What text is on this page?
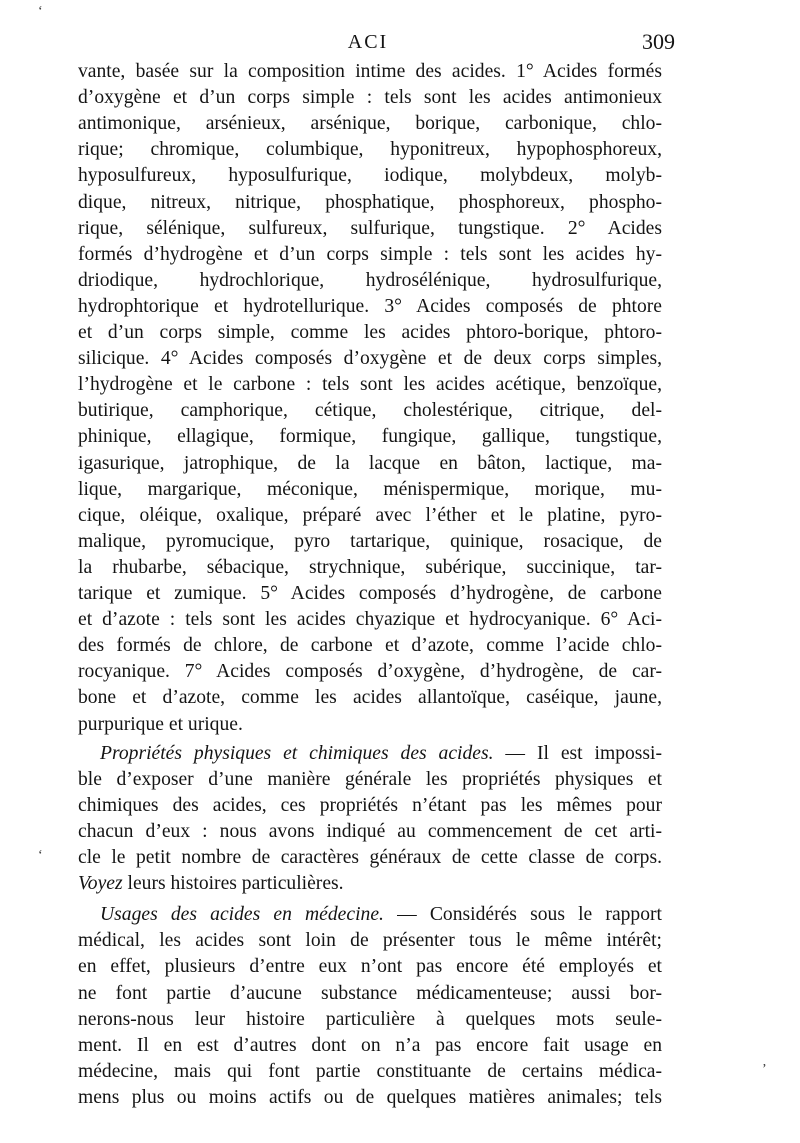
ACI	309
vante, basée sur la composition intime des acides. 1° Acides formés
d’oxygène et d’un corps simple : tels sont les acides antimonieux
antimonique, arsénieux, arsénique, borique, carbonique, chlo-
rique; chromique, columbique, hyponitreux, hypophosphoreux,
hyposulfureux, hyposulfurique, iodique, molybdeux, molyb-
dique, nitreux, nitrique, phosphatique, phosphoreux, phospho-
rique, sélénique, sulfureux, sulfurique, tungstique. 2° Acides
formés d’hydrogène et d’un corps simple : tels sont les acides hy-
driodique, hydrochlorique, hydrosélénique, hydrosulfurique,
hydrophtorique et hydrotellurique. 3° Acides composés de phtore
et d’un corps simple, comme les acides phtoro-borique, phtoro-
silicique. 4° Acides composés d’oxygène et de deux corps simples,
l’hydrogène et le carbone : tels sont les acides acétique, benzoïque,
butirique, camphorique, cétique, cholestérique, citrique, del-
phinique, ellagique, formique, fungique, gallique, tungstique,
igasurique, jatrophique, de la lacque en bâton, lactique, ma-
lique, margarique, méconique, ménispermique, morique, mu-
cique, oléique, oxalique, préparé avec l’éther et le platine, pyro-
malique, pyromucique, pyro tartarique, quinique, rosacique, de
la rhubarbe, sébacique, strychnique, subérique, succinique, tar-
tarique et zumique. 5° Acides composés d’hydrogène, de carbone
et d’azote : tels sont les acides chyazique et hydrocyanique. 6° Aci-
des formés de chlore, de carbone et d’azote, comme l’acide chlo-
rocyanique. 7° Acides composés d’oxygène, d’hydrogène, de car-
bone et d’azote, comme les acides allantoïque, caséique, jaune,
purpurique et urique.
Propriétés physiques et chimiques des acides. — Il est impossi-
ble d’exposer d’une manière générale les propriétés physiques et
chimiques des acides, ces propriétés n’étant pas les mêmes pour
chacun d’eux : nous avons indiqué au commencement de cet arti-
cle le petit nombre de caractères généraux de cette classe de corps.
Voyez leurs histoires particulières.
Usages des acides en médecine. — Considérés sous le rapport
médical, les acides sont loin de présenter tous le même intérêt;
en effet, plusieurs d’entre eux n’ont pas encore été employés et
ne font partie d’aucune substance médicamenteuse; aussi bor-
nerons-nous leur histoire particulière à quelques mots seule-
ment. Il en est d’autres dont on n’a pas encore fait usage en
médecine, mais qui font partie constituante de certains médica-
mens plus ou moins actifs ou de quelques matières animales; tels
‘
‘
’
